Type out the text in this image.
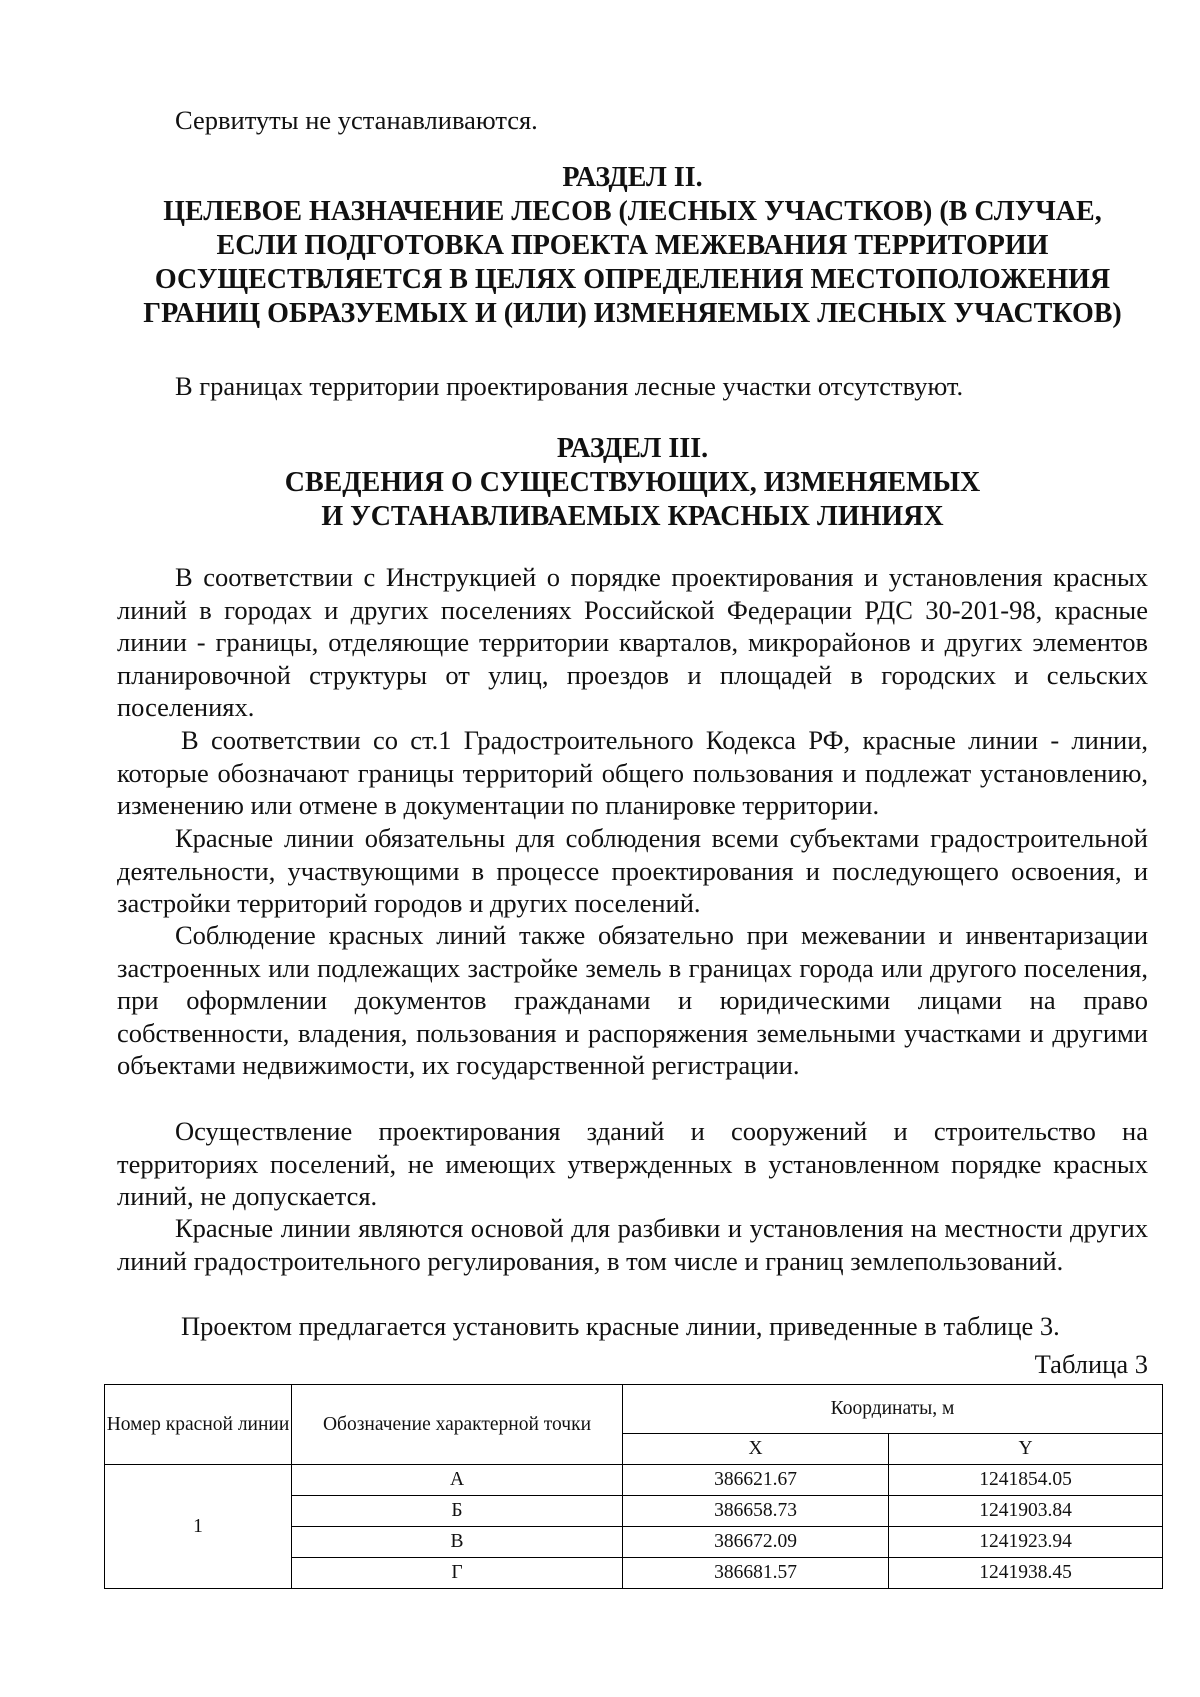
Сервитуты не устанавливаются.

РАЗДЕЛ II.
ЦЕЛЕВОЕ НАЗНАЧЕНИЕ ЛЕСОВ (ЛЕСНЫХ УЧАСТКОВ) (В СЛУЧАЕ,
ЕСЛИ ПОДГОТОВКА ПРОЕКТА МЕЖЕВАНИЯ ТЕРРИТОРИИ
ОСУЩЕСТВЛЯЕТСЯ В ЦЕЛЯХ ОПРЕДЕЛЕНИЯ МЕСТОПОЛОЖЕНИЯ
ГРАНИЦ ОБРАЗУЕМЫХ И (ИЛИ) ИЗМЕНЯЕМЫХ ЛЕСНЫХ УЧАСТКОВ)

В границах территории проектирования лесные участки отсутствуют.

РАЗДЕЛ III.
СВЕДЕНИЯ О СУЩЕСТВУЮЩИХ, ИЗМЕНЯЕМЫХ
И УСТАНАВЛИВАЕМЫХ КРАСНЫХ ЛИНИЯХ

В соответствии с Инструкцией о порядке проектирования и установления красных линий в городах и других поселениях Российской Федерации РДС 30-201-98, красные линии - границы, отделяющие территории кварталов, микрорайонов и других элементов планировочной структуры от улиц, проездов и площадей в городских и сельских поселениях.

В соответствии со ст.1 Градостроительного Кодекса РФ, красные линии - линии, которые обозначают границы территорий общего пользования и подлежат установлению, изменению или отмене в документации по планировке территории.

Красные линии обязательны для соблюдения всеми субъектами градостроительной деятельности, участвующими в процессе проектирования и последующего освоения, и застройки территорий городов и других поселений.

Соблюдение красных линий также обязательно при межевании и инвентаризации застроенных или подлежащих застройке земель в границах города или другого поселения, при оформлении документов гражданами и юридическими лицами на право собственности, владения, пользования и распоряжения земельными участками и другими объектами недвижимости, их государственной регистрации.

Осуществление проектирования зданий и сооружений и строительство на территориях поселений, не имеющих утвержденных в установленном порядке красных линий, не допускается.

Красные линии являются основой для разбивки и установления на местности других линий градостроительного регулирования, в том числе и границ землепользований.

Проектом предлагается установить красные линии, приведенные в таблице 3.

Таблица 3

Номер красной линии	Обозначение характерной точки	Координаты, м	
		X	Y
1	А	386621.67	1241854.05
	Б	386658.73	1241903.84
	В	386672.09	1241923.94
	Г	386681.57	1241938.45
